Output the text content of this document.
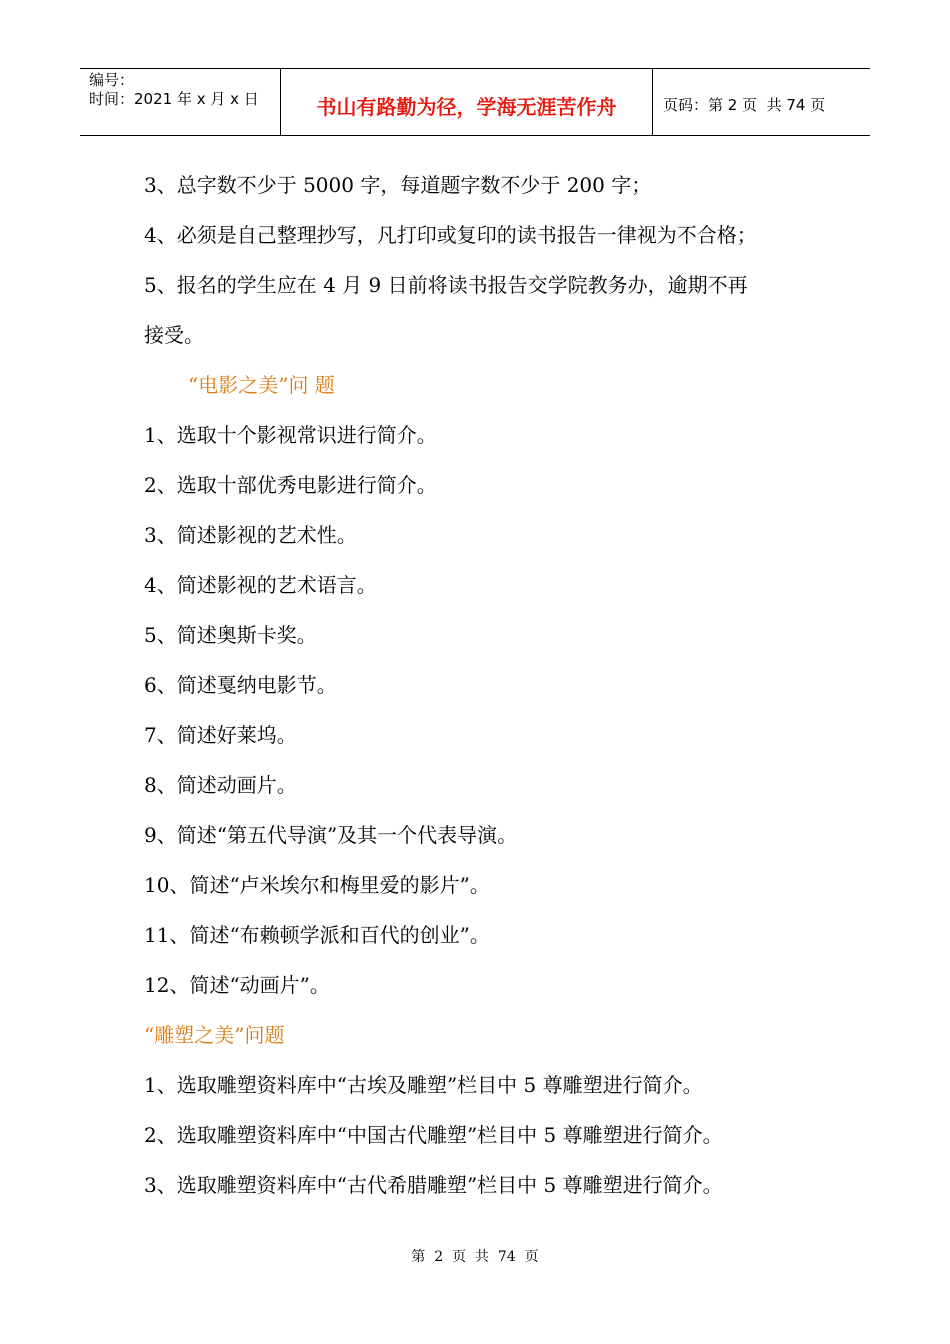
编号：
时间：2021 年 x 月 x 日	书山有路勤为径，学海无涯苦作舟	页码：第 2 页  共 74 页
3、总字数不少于 5000 字，每道题字数不少于 200 字；
4、必须是自己整理抄写，凡打印或复印的读书报告一律视为不合格；
5、报名的学生应在 4 月 9 日前将读书报告交学院教务办，逾期不再
接受。
“电影之美”问 题
1、选取十个影视常识进行简介。
2、选取十部优秀电影进行简介。
3、简述影视的艺术性。
4、简述影视的艺术语言。
5、简述奥斯卡奖。
6、简述戛纳电影节。
7、简述好莱坞。
8、简述动画片。
9、简述“第五代导演”及其一个代表导演。
10、简述“卢米埃尔和梅里爱的影片”。
11、简述“布赖顿学派和百代的创业”。
12、简述“动画片”。
“雕塑之美”问题
1、选取雕塑资料库中“古埃及雕塑”栏目中 5 尊雕塑进行简介。
2、选取雕塑资料库中“中国古代雕塑”栏目中 5 尊雕塑进行简介。
3、选取雕塑资料库中“古代希腊雕塑”栏目中 5 尊雕塑进行简介。
第  2  页  共  74  页
